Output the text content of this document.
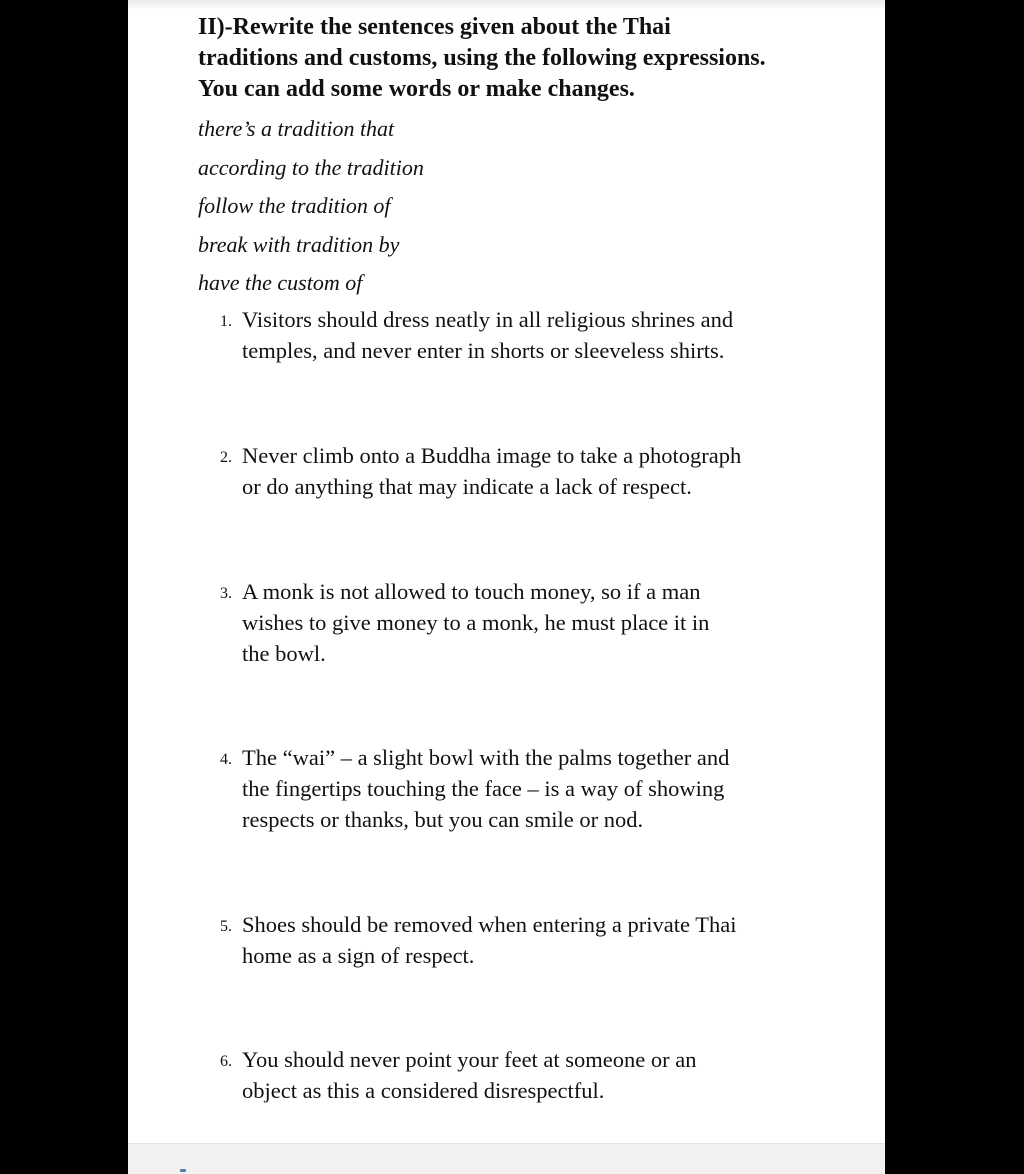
II)-Rewrite the sentences given about the Thai
traditions and customs, using the following expressions.
You can add some words or make changes.
there’s a tradition that
according to the tradition
follow the tradition of
break with tradition by
have the custom of
1. Visitors should dress neatly in all religious shrines and
temples, and never enter in shorts or sleeveless shirts.
2. Never climb onto a Buddha image to take a photograph
or do anything that may indicate a lack of respect.
3. A monk is not allowed to touch money, so if a man
wishes to give money to a monk, he must place it in
the bowl.
4. The “wai” – a slight bowl with the palms together and
the fingertips touching the face – is a way of showing
respects or thanks, but you can smile or nod.
5. Shoes should be removed when entering a private Thai
home as a sign of respect.
6. You should never point your feet at someone or an
object as this a considered disrespectful.
